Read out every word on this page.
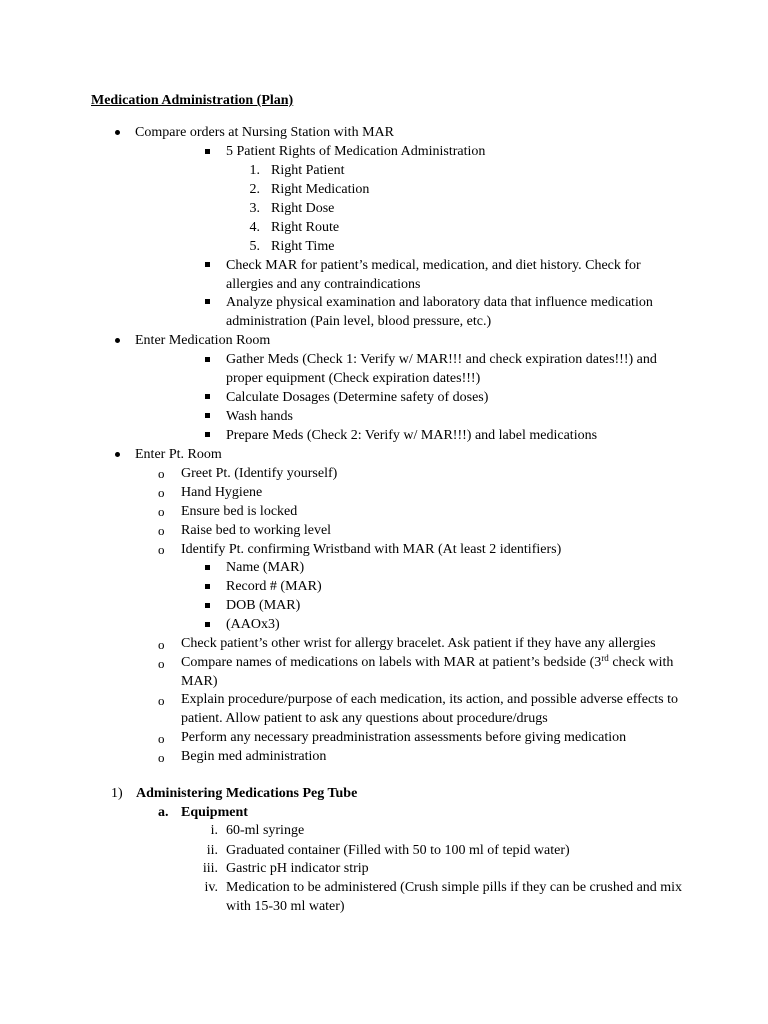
Medication Administration (Plan)
Compare orders at Nursing Station with MAR
5 Patient Rights of Medication Administration
1. Right Patient
2. Right Medication
3. Right Dose
4. Right Route
5. Right Time
Check MAR for patient’s medical, medication, and diet history. Check for
allergies and any contraindications
Analyze physical examination and laboratory data that influence medication
administration (Pain level, blood pressure, etc.)
Enter Medication Room
Gather Meds (Check 1: Verify w/ MAR!!! and check expiration dates!!!) and
proper equipment (Check expiration dates!!!)
Calculate Dosages (Determine safety of doses)
Wash hands
Prepare Meds (Check 2: Verify w/ MAR!!!) and label medications
Enter Pt. Room
o Greet Pt. (Identify yourself)
o Hand Hygiene
o Ensure bed is locked
o Raise bed to working level
o Identify Pt. confirming Wristband with MAR (At least 2 identifiers)
Name (MAR)
Record # (MAR)
DOB (MAR)
(AAOx3)
o Check patient’s other wrist for allergy bracelet. Ask patient if they have any allergies
o Compare names of medications on labels with MAR at patient’s bedside (3rd check with
MAR)
o Explain procedure/purpose of each medication, its action, and possible adverse effects to
patient. Allow patient to ask any questions about procedure/drugs
o Perform any necessary preadministration assessments before giving medication
o Begin med administration
1) Administering Medications Peg Tube
a. Equipment
i. 60-ml syringe
ii. Graduated container (Filled with 50 to 100 ml of tepid water)
iii. Gastric pH indicator strip
iv. Medication to be administered (Crush simple pills if they can be crushed and mix
with 15-30 ml water)
